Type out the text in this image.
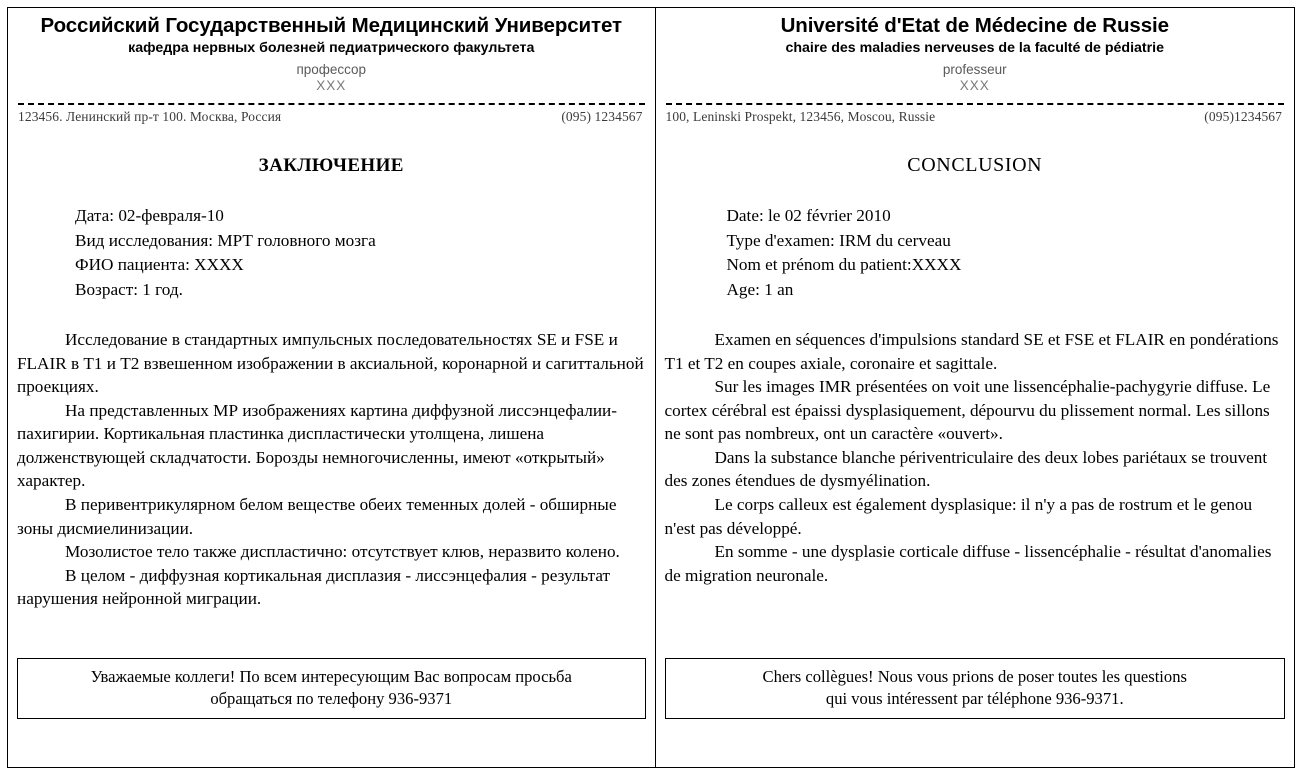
Российский Государственный Медицинский Университет
кафедра нервных болезней педиатрического факультета
профессор
XXX
123456. Ленинский пр-т 100. Москва, Россия	(095) 1234567
ЗАКЛЮЧЕНИЕ
Дата: 02-февраля-10
Вид исследования: МРТ головного мозга
ФИО пациента: XXXX
Возраст: 1 год.

Исследование в стандартных импульсных последовательностях SE и FSE и FLAIR в T1 и T2 взвешенном изображении в аксиальной, коронарной и сагиттальной проекциях.

На представленных МР изображениях картина диффузной лиссэнцефалии-пахигирии. Кортикальная пластинка диспластически утолщена, лишена долженствующей складчатости. Борозды немногочисленны, имеют «открытый» характер.

В перивентрикулярном белом веществе обеих теменных долей - обширные зоны дисмиелинизации.

Мозолистое тело также диспластично: отсутствует клюв, неразвито колено.

В целом - диффузная кортикальная дисплазия - лиссэнцефалия - результат нарушения нейронной миграции.

Уважаемые коллеги! По всем интересующим Вас вопросам просьба
обращаться по телефону 936-9371
Université d'Etat de Médecine de Russie
chaire des maladies nerveuses de la faculté de pédiatrie
professeur
XXX
100, Leninski Prospekt, 123456, Moscou, Russie	(095)1234567
CONCLUSION
Date: le 02 février 2010
Type d'examen: IRM du cerveau
Nom et prénom du patient:XXXX
Age: 1 an

Examen en séquences d'impulsions standard SE et FSE et FLAIR en pondérations T1 et T2 en coupes axiale, coronaire et sagittale.

Sur les images IMR présentées on voit une lissencéphalie-pachygyrie diffuse. Le cortex cérébral est épaissi dysplasiquement, dépourvu du plissement normal. Les sillons ne sont pas nombreux, ont un caractère «ouvert».

Dans la substance blanche périventriculaire des deux lobes pariétaux se trouvent des zones étendues de dysmyélination.

Le corps calleux est également dysplasique: il n'y a pas de rostrum et le genou n'est pas développé.

En somme - une dysplasie corticale diffuse - lissencéphalie - résultat d'anomalies de migration neuronale.

Chers collègues! Nous vous prions de poser toutes les questions
qui vous intéressent par téléphone 936-9371.
